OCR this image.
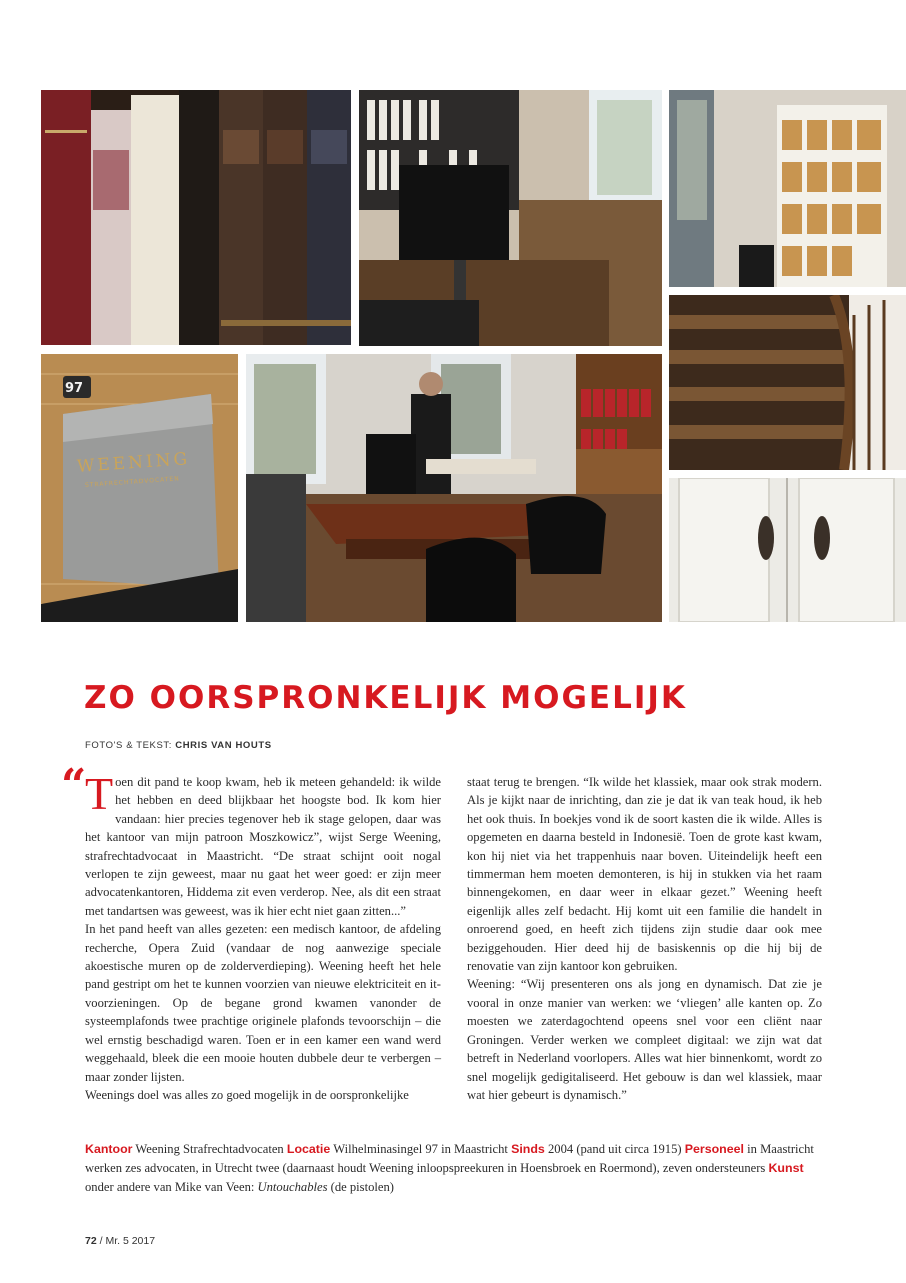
97
WEENING
STRAFRECHTADVOCATEN
ZO OORSPRONKELIJK MOGELIJK
FOTO'S & TEKST: CHRIS VAN HOUTS
“

Toen dit pand te koop kwam, heb ik meteen gehandeld: ik wilde het hebben en deed blijkbaar het hoogste bod. Ik kom hier vandaan: hier precies tegenover heb ik stage gelopen, daar was het kantoor van mijn patroon Moszkowicz”, wijst Serge Weening, strafrechtadvocaat in Maastricht. “De straat schijnt ooit nogal verlopen te zijn geweest, maar nu gaat het weer goed: er zijn meer advocatenkantoren, Hiddema zit even verderop. Nee, als dit een straat met tandartsen was geweest, was ik hier echt niet gaan zitten...”

In het pand heeft van alles gezeten: een medisch kantoor, de afdeling recherche, Opera Zuid (vandaar de nog aanwezige speciale akoestische muren op de zolderverdieping). Weening heeft het hele pand gestript om het te kunnen voorzien van nieuwe elektriciteit en it-voorzieningen. Op de begane grond kwamen vanonder de systeemplafonds twee prachtige originele plafonds tevoorschijn – die wel ernstig beschadigd waren. Toen er in een kamer een wand werd weggehaald, bleek die een mooie houten dubbele deur te verbergen – maar zonder lijsten.

Weenings doel was alles zo goed mogelijk in de oorspronkelijke

staat terug te brengen. “Ik wilde het klassiek, maar ook strak modern. Als je kijkt naar de inrichting, dan zie je dat ik van teak houd, ik heb het ook thuis. In boekjes vond ik de soort kasten die ik wilde. Alles is opgemeten en daarna besteld in Indonesië. Toen de grote kast kwam, kon hij niet via het trappenhuis naar boven. Uiteindelijk heeft een timmerman hem moeten demonteren, is hij in stukken via het raam binnengekomen, en daar weer in elkaar gezet.” Weening heeft eigenlijk alles zelf bedacht. Hij komt uit een familie die handelt in onroerend goed, en heeft zich tijdens zijn studie daar ook mee beziggehouden. Hier deed hij de basiskennis op die hij bij de renovatie van zijn kantoor kon gebruiken.

Weening: “Wij presenteren ons als jong en dynamisch. Dat zie je vooral in onze manier van werken: we ‘vliegen’ alle kanten op. Zo moesten we zaterdagochtend opeens snel voor een cliënt naar Groningen. Verder werken we compleet digitaal: we zijn wat dat betreft in Nederland voorlopers. Alles wat hier binnenkomt, wordt zo snel mogelijk gedigitaliseerd. Het gebouw is dan wel klassiek, maar wat hier gebeurt is dynamisch.”

Kantoor Weening Strafrechtadvocaten Locatie Wilhelminasingel 97 in Maastricht Sinds 2004 (pand uit circa 1915) Personeel in Maastricht werken zes advocaten, in Utrecht twee (daarnaast houdt Weening inloopspreekuren in Hoensbroek en Roermond), zeven ondersteuners Kunst onder andere van Mike van Veen: Untouchables (de pistolen)
72 / Mr. 5 2017
